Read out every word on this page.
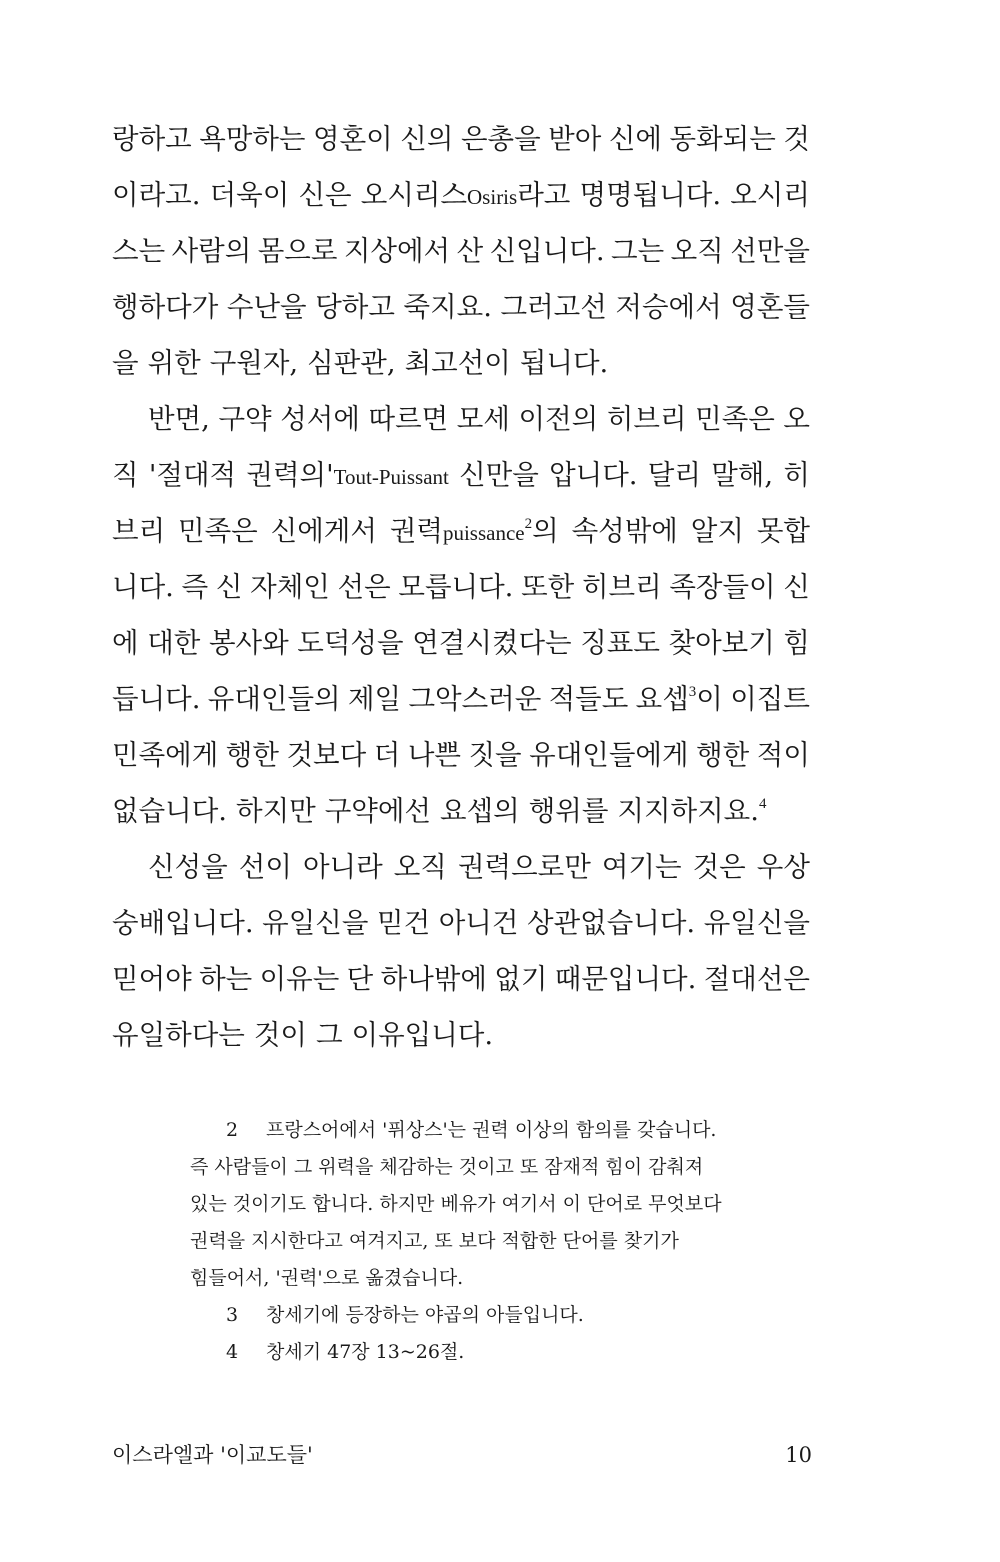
랑하고 욕망하는 영혼이 신의 은총을 받아 신에 동화되는 것
이라고. 더욱이 신은 오시리스Osiris라고 명명됩니다. 오시리
스는 사람의 몸으로 지상에서 산 신입니다. 그는 오직 선만을
행하다가 수난을 당하고 죽지요. 그러고선 저승에서 영혼들
을 위한 구원자, 심판관, 최고선이 됩니다.
반면, 구약 성서에 따르면 모세 이전의 히브리 민족은 오
직 '절대적 권력의'Tout-Puissant 신만을 압니다. 달리 말해, 히
브리 민족은 신에게서 권력puissance$^2$의 속성밖에 알지 못합
니다. 즉 신 자체인 선은 모릅니다. 또한 히브리 족장들이 신
에 대한 봉사와 도덕성을 연결시켰다는 징표도 찾아보기 힘
듭니다. 유대인들의 제일 그악스러운 적들도 요셉$^3$이 이집트
민족에게 행한 것보다 더 나쁜 짓을 유대인들에게 행한 적이
없습니다. 하지만 구약에선 요셉의 행위를 지지하지요.$^4$
신성을 선이 아니라 오직 권력으로만 여기는 것은 우상
숭배입니다. 유일신을 믿건 아니건 상관없습니다. 유일신을
믿어야 하는 이유는 단 하나밖에 없기 때문입니다. 절대선은
유일하다는 것이 그 이유입니다.
2 프랑스어에서 '퓌상스'는 권력 이상의 함의를 갖습니다.
즉 사람들이 그 위력을 체감하는 것이고 또 잠재적 힘이 감춰져
있는 것이기도 합니다. 하지만 베유가 여기서 이 단어로 무엇보다
권력을 지시한다고 여겨지고, 또 보다 적합한 단어를 찾기가
힘들어서, '권력'으로 옮겼습니다.
3 창세기에 등장하는 야곱의 아들입니다.
4 창세기 47장 13~26절.
이스라엘과 '이교도들'	10
